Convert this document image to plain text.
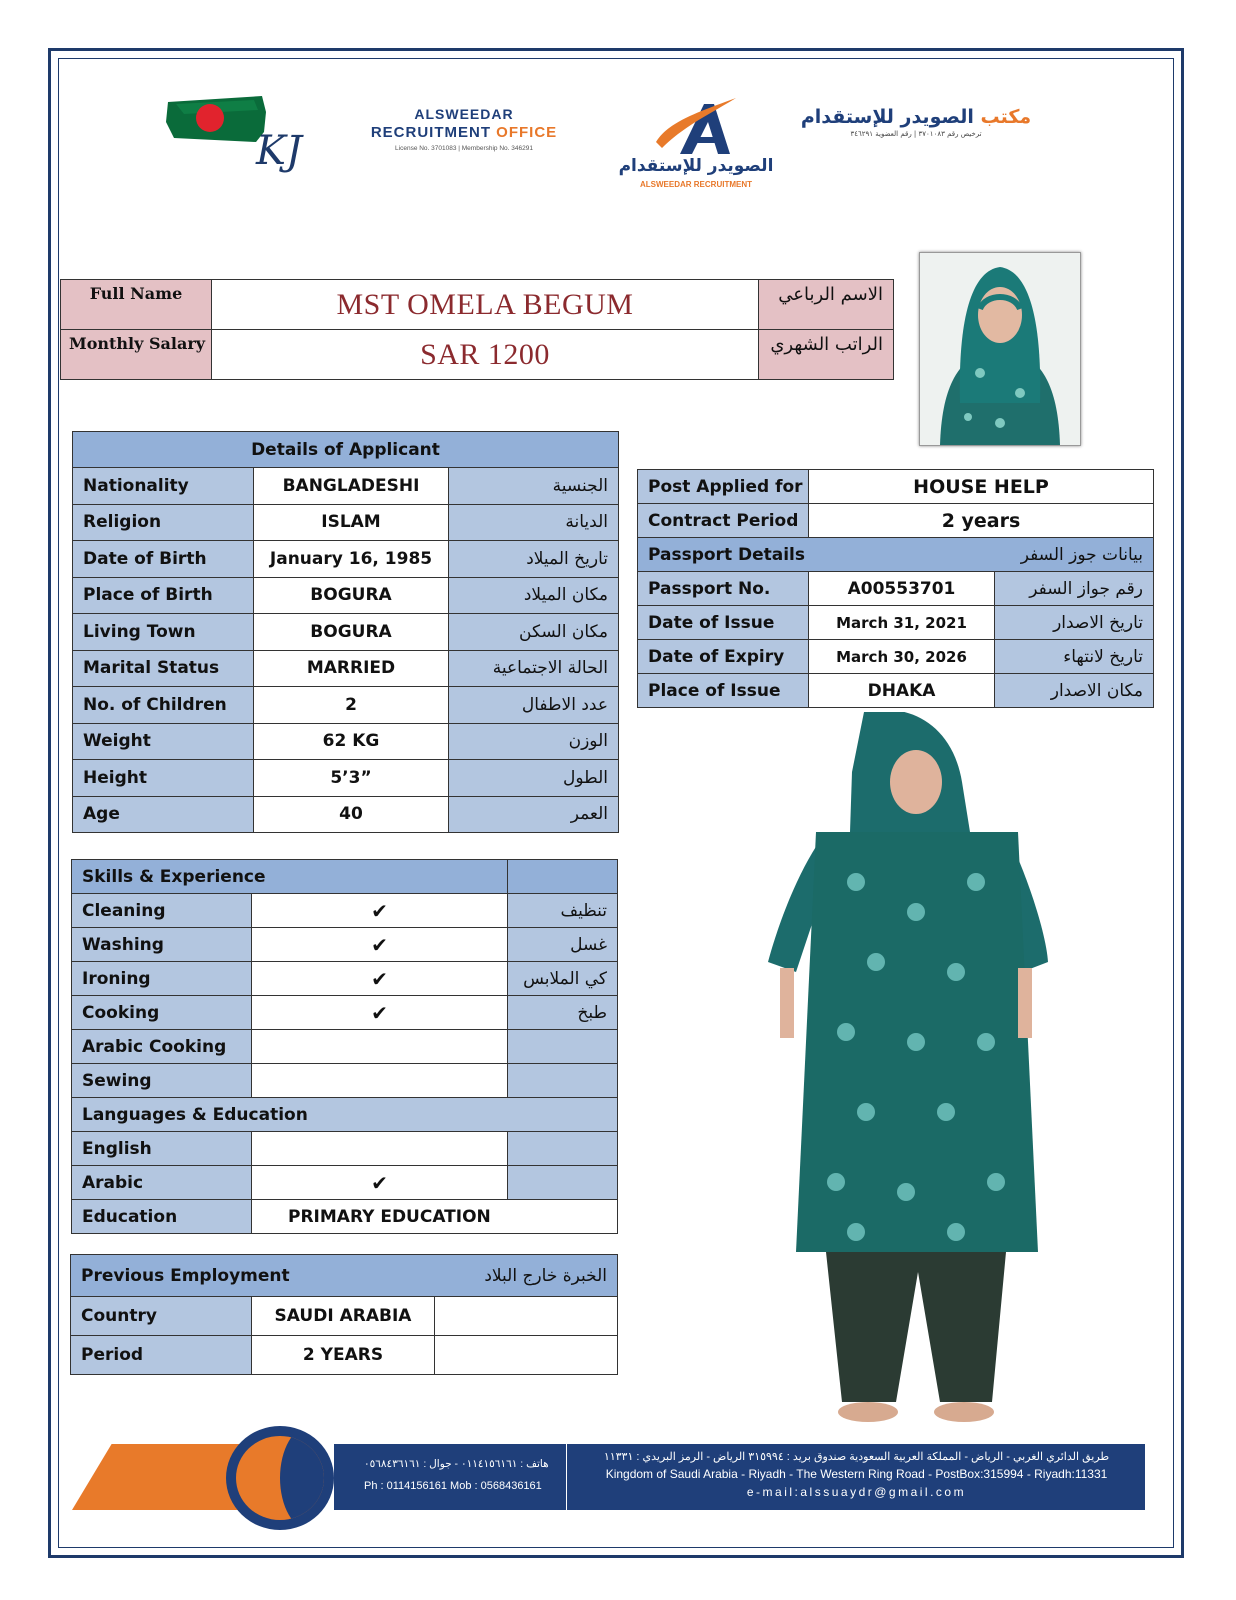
KJ
ALSWEEDAR
RECRUITMENT OFFICE
License No. 3701083 | Membership No. 346291
الصويدر للإستقدام
ALSWEEDAR RECRUITMENT
مكتب الصويدر للإستقدام
ترخيص رقم ٣٧٠١٠٨٣ | رقم العضوية ٣٤٦٢٩١
Full Name	MST OMELA BEGUM	الاسم الرباعي
Monthly Salary	SAR 1200	الراتب الشهري
Details of Applicant		
Nationality	BANGLADESHI	الجنسية
Religion	ISLAM	الديانة
Date of Birth	January 16, 1985	تاريخ الميلاد
Place of Birth	BOGURA	مكان الميلاد
Living Town	BOGURA	مكان السكن
Marital Status	MARRIED	الحالة الاجتماعية
No. of Children	2	عدد الاطفال
Weight	62 KG	الوزن
Height	5’3”	الطول
Age	40	العمر
Post Applied for	HOUSE HELP	
Contract Period	2 years	
Passport Details بيانات جوز السفر		

Passport No.	A00553701	رقم جواز السفر
Date of Issue	March 31, 2021	تاريخ الاصدار
Date of Expiry	March 30, 2026	تاريخ لانتهاء
Place of Issue	DHAKA	مكان الاصدار
Skills & Experience		
Cleaning	✔	تنظيف
Washing	✔	غسل
Ironing	✔	كي الملابس
Cooking	✔	طبخ
Arabic Cooking		
Sewing		
Languages & Education		
English		
Arabic	✔	
Education	PRIMARY EDUCATION	
Previous Employment الخبرة خارج البلاد		

Country	SAUDI ARABIA	
Period	2 YEARS	
هاتف : ٠١١٤١٥٦١٦١ - جوال : ٠٥٦٨٤٣٦١٦١
Ph : 0114156161 Mob : 0568436161
طريق الدائري الغربي - الرياض - المملكة العربية السعودية صندوق بريد : ٣١٥٩٩٤ الرياض - الرمز البريدي : ١١٣٣١
Kingdom of Saudi Arabia - Riyadh - The Western Ring Road - PostBox:315994 - Riyadh:11331
e-mail:alssuaydr@gmail.com
